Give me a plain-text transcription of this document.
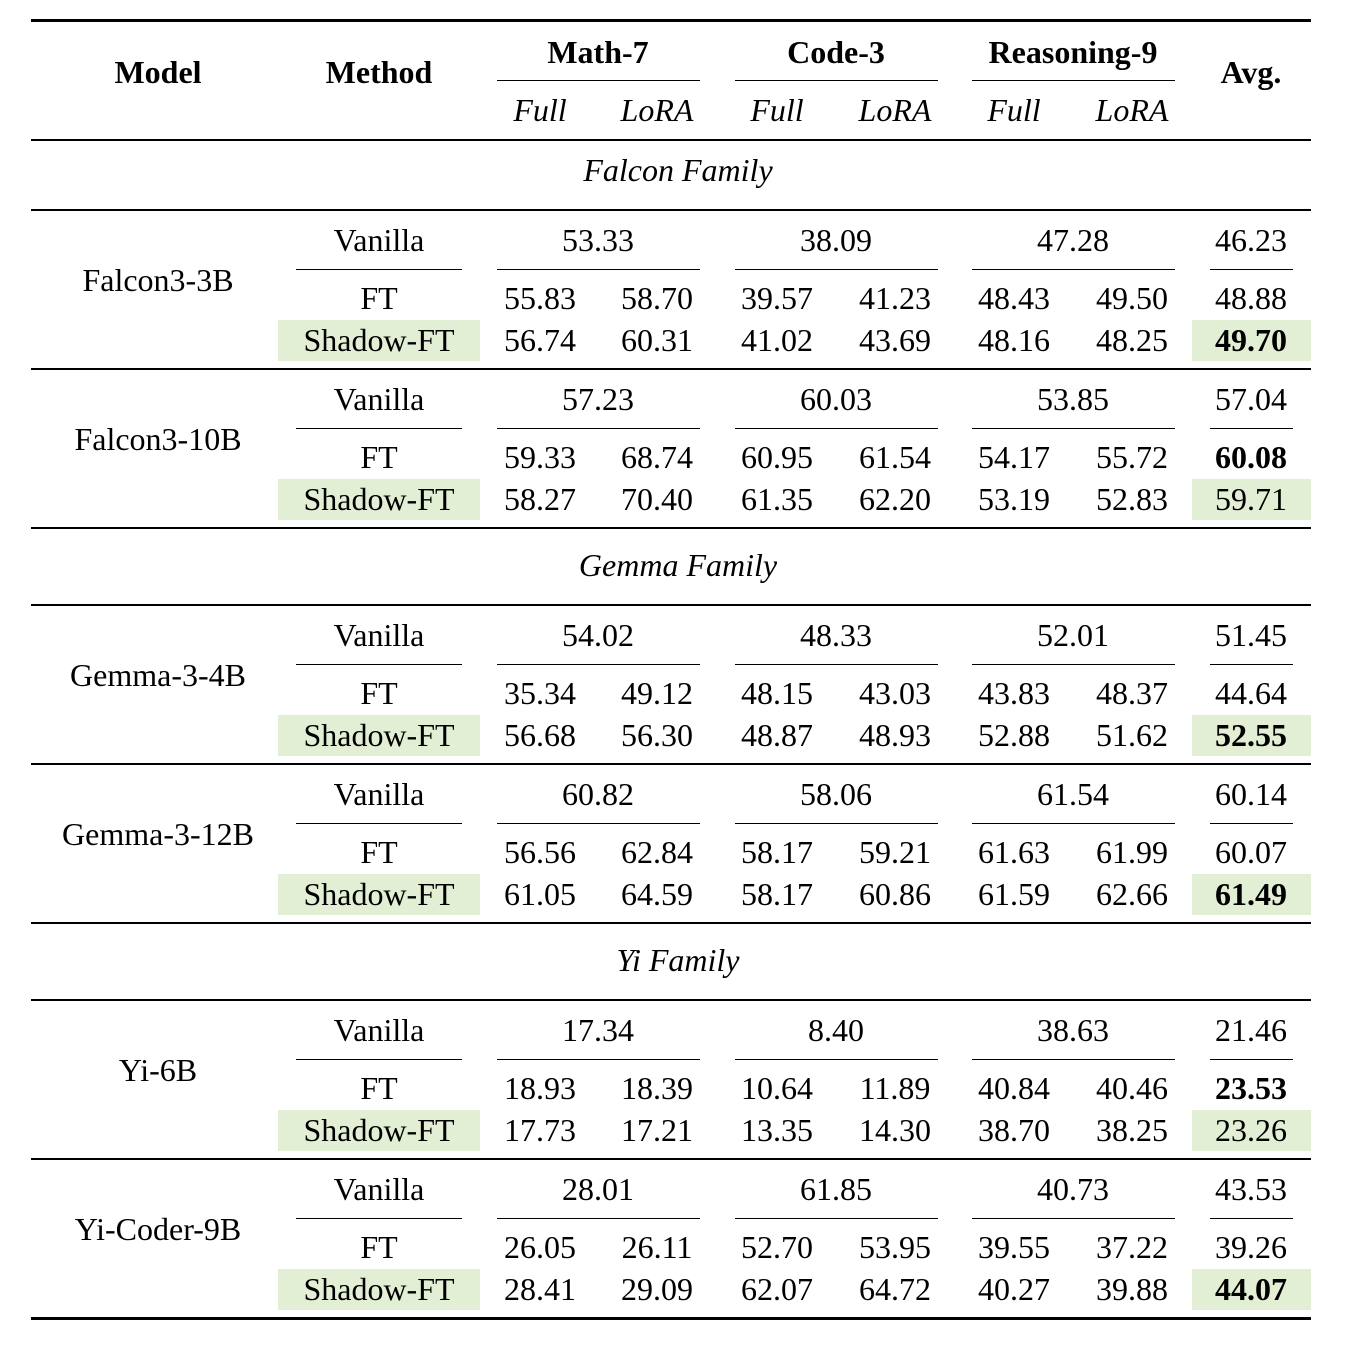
Model	Method
Math-7	Code-3	Reasoning-9
Avg.
Full LoRA Full LoRA Full LoRA
Falcon Family
Falcon3-3B
Vanilla	53.33	38.09	47.28	46.23
FT	55.83 58.70 39.57 41.23 48.43 49.50 48.88
Shadow-FT 56.74 60.31 41.02 43.69 48.16 48.25 49.70
Falcon3-10B
Vanilla	57.23	60.03	53.85	57.04
FT	59.33 68.74 60.95 61.54 54.17 55.72 60.08
Shadow-FT 58.27 70.40 61.35 62.20 53.19 52.83 59.71
Gemma Family
Gemma-3-4B
Vanilla	54.02	48.33	52.01	51.45
FT	35.34 49.12 48.15 43.03 43.83 48.37 44.64
Shadow-FT 56.68 56.30 48.87 48.93 52.88 51.62 52.55
Gemma-3-12B
Vanilla	60.82	58.06	61.54	60.14
FT	56.56 62.84 58.17 59.21 61.63 61.99 60.07
Shadow-FT 61.05 64.59 58.17 60.86 61.59 62.66 61.49
Yi Family
Yi-6B
Vanilla	17.34	8.40	38.63	21.46
FT	18.93 18.39 10.64 11.89 40.84 40.46 23.53
Shadow-FT 17.73 17.21 13.35 14.30 38.70 38.25 23.26
Yi-Coder-9B
Vanilla	28.01	61.85	40.73	43.53
FT	26.05 26.11 52.70 53.95 39.55 37.22 39.26
Shadow-FT 28.41 29.09 62.07 64.72 40.27 39.88 44.07
